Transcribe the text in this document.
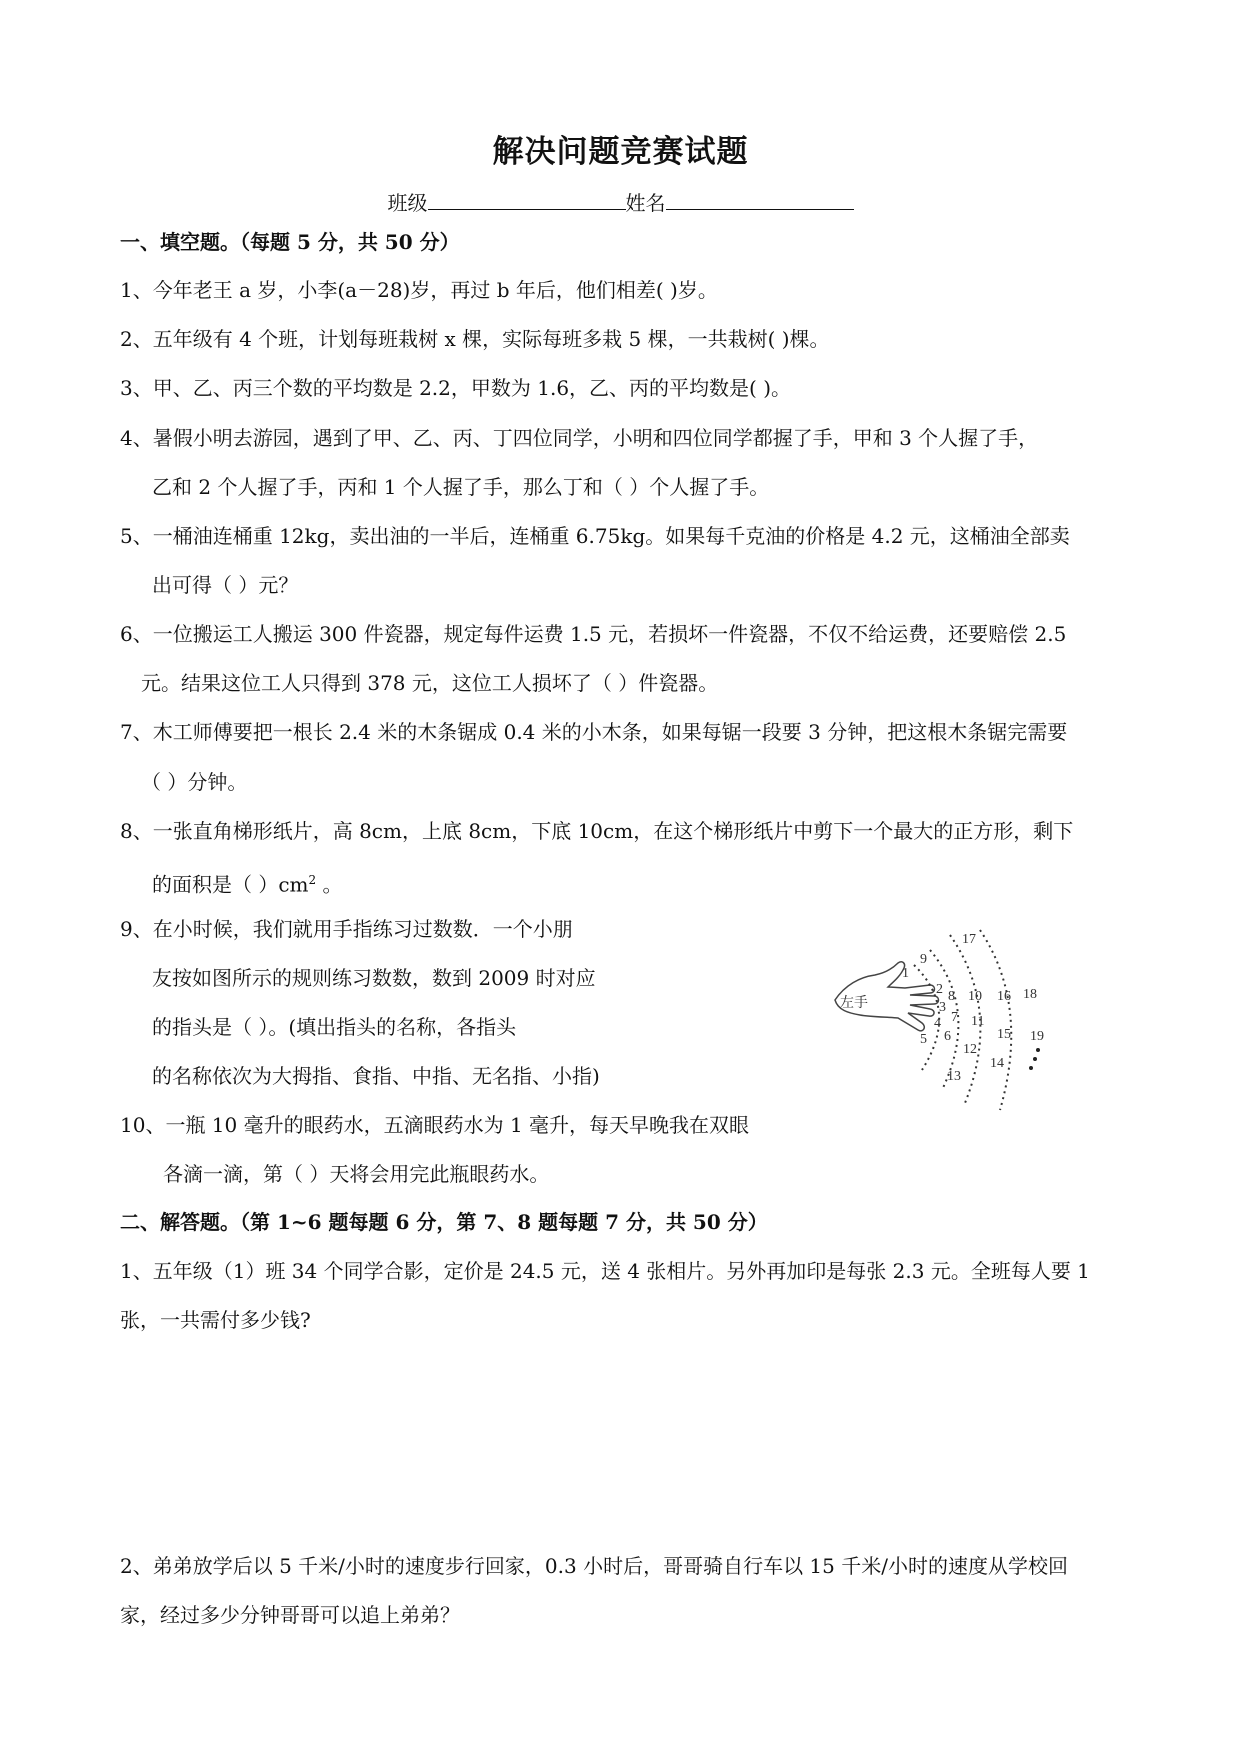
解决问题竞赛试题
班级	姓名
一、填空题。（每题 5 分，共 50 分）
1、今年老王 a 岁，小李(a－28)岁，再过 b 年后，他们相差( )岁。
2、五年级有 4 个班，计划每班栽树 x 棵，实际每班多栽 5 棵，一共栽树( )棵。
3、甲、乙、丙三个数的平均数是 2.2，甲数为 1.6，乙、丙的平均数是( )。
4、暑假小明去游园，遇到了甲、乙、丙、丁四位同学，小明和四位同学都握了手，甲和 3 个人握了手，
乙和 2 个人握了手，丙和 1 个人握了手，那么丁和（ ）个人握了手。
5、一桶油连桶重 12kg，卖出油的一半后，连桶重 6.75kg。如果每千克油的价格是 4.2 元，这桶油全部卖
出可得（ ）元？
6、一位搬运工人搬运 300 件瓷器，规定每件运费 1.5 元，若损坏一件瓷器，不仅不给运费，还要赔偿 2.5
元。结果这位工人只得到 378 元，这位工人损坏了（ ）件瓷器。
7、木工师傅要把一根长 2.4 米的木条锯成 0.4 米的小木条，如果每锯一段要 3 分钟，把这根木条锯完需要
（ ）分钟。
8、一张直角梯形纸片，高 8cm，上底 8cm，下底 10cm，在这个梯形纸片中剪下一个最大的正方形，剩下
的面积是（ ）$cm^2$ 。
9、在小时候，我们就用手指练习过数数．一个小朋
友按如图所示的规则练习数数，数到 2009 时对应
的指头是（ ）。(填出指头的名称，各指头
的名称依次为大拇指、食指、中指、无名指、小指)
10、一瓶 10 毫升的眼药水，五滴眼药水为 1 毫升，每天早晚我在双眼
各滴一滴，第（ ）天将会用完此瓶眼药水。
左手
1
2
3
4
5 6
7
8
9
10
11
12
13
14
15
16
17
18
19
二、解答题。（第 1~6 题每题 6 分，第 7、8 题每题 7 分，共 50 分）
1、五年级（1）班 34 个同学合影，定价是 24.5 元，送 4 张相片。另外再加印是每张 2.3 元。全班每人要 1
张，一共需付多少钱?
2、弟弟放学后以 5 千米/小时的速度步行回家，0.3 小时后，哥哥骑自行车以 15 千米/小时的速度从学校回
家，经过多少分钟哥哥可以追上弟弟？
